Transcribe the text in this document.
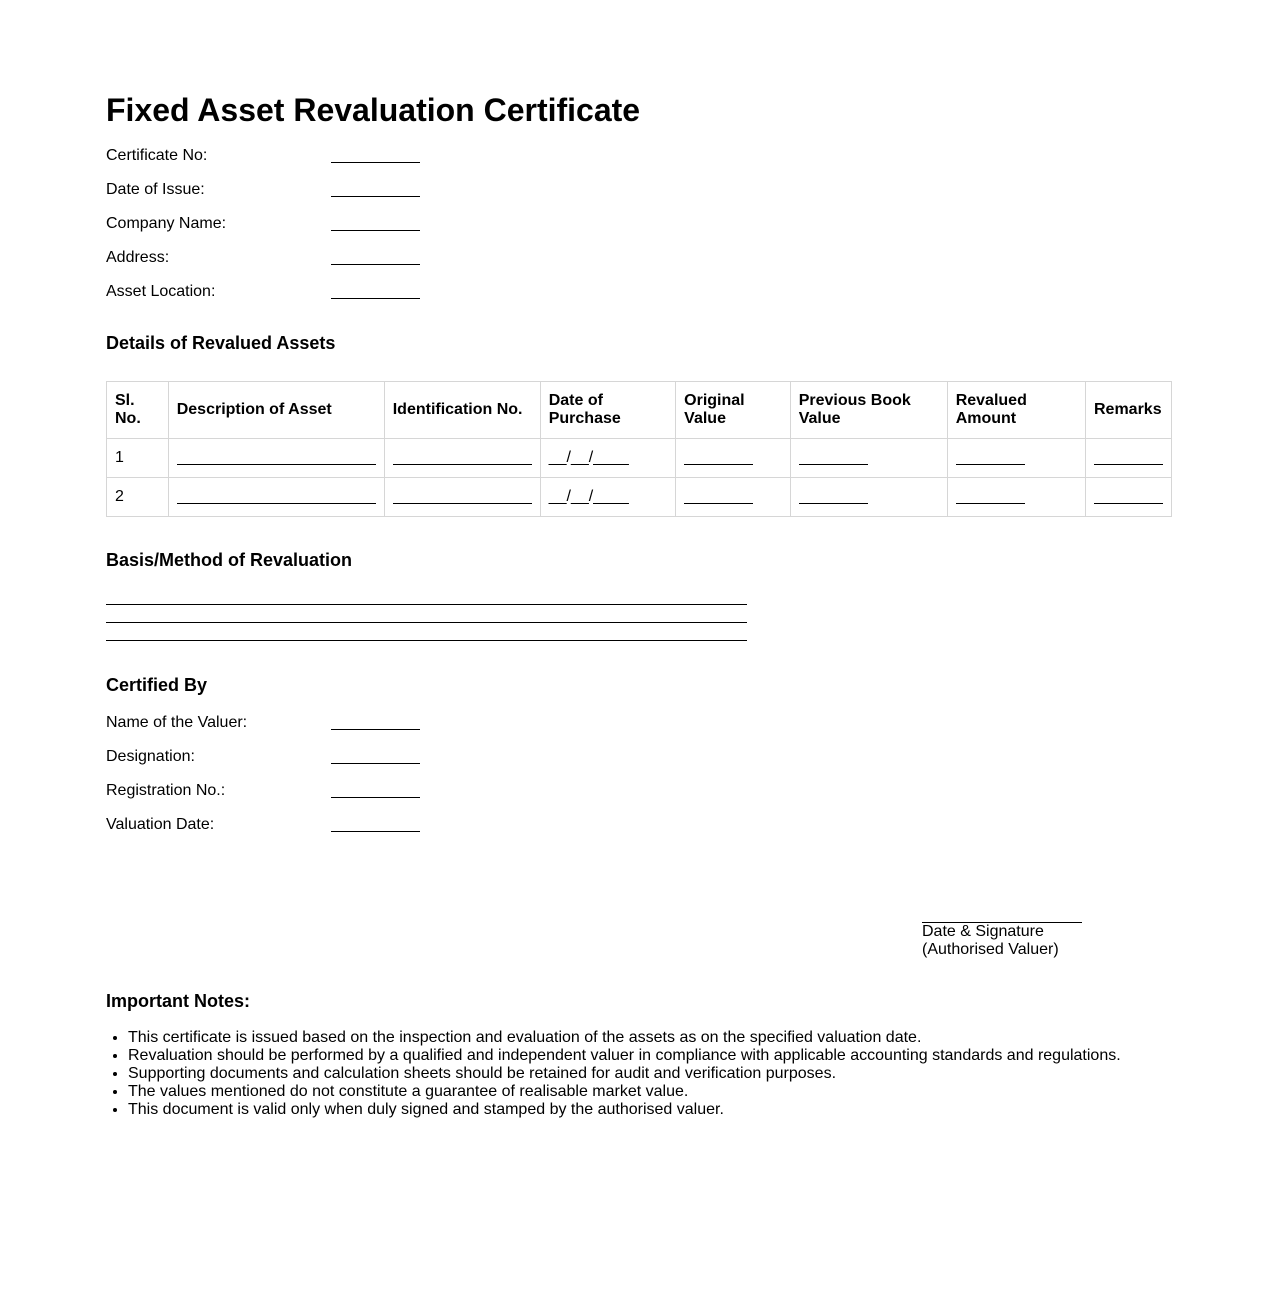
Fixed Asset Revaluation Certificate
Certificate No:
Date of Issue:
Company Name:
Address:
Asset Location:
Details of Revalued Assets
Sl. No.	Description of Asset	Identification No.	Date of Purchase	Original Value	Previous Book Value	Revalued Amount	Remarks
1			__/__/____				
2			__/__/____				
Basis/Method of Revaluation
Certified By
Name of the Valuer:
Designation:
Registration No.:
Valuation Date:
Date & Signature
(Authorised Valuer)
Important Notes:
• This certificate is issued based on the inspection and evaluation of the assets as on the specified valuation date.
• Revaluation should be performed by a qualified and independent valuer in compliance with applicable accounting standards and regulations.
• Supporting documents and calculation sheets should be retained for audit and verification purposes.
• The values mentioned do not constitute a guarantee of realisable market value.
• This document is valid only when duly signed and stamped by the authorised valuer.
